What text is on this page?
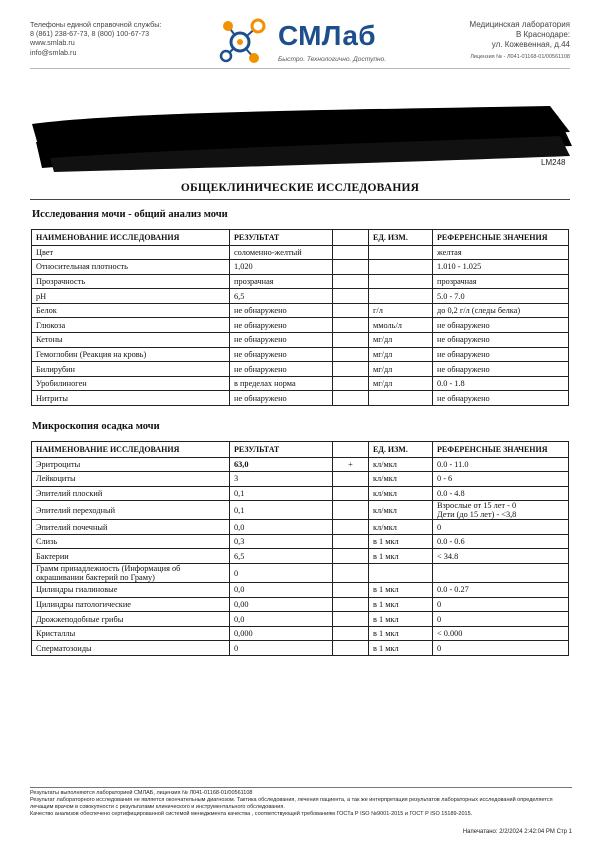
Телефоны единой справочной службы:
8 (861) 238-67-73, 8 (800) 100-67-73
www.smlab.ru
info@smlab.ru
СМЛаб
Быстро. Технологично. Доступно.
Медицинская лаборатория
В Краснодаре:
ул. Кожевенная, д.44
Лицензия № - Л041-01168-01/00561108
LM248
ОБЩЕКЛИНИЧЕСКИЕ ИССЛЕДОВАНИЯ
Исследования мочи - общий анализ мочи
НАИМЕНОВАНИЕ ИССЛЕДОВАНИЯ	РЕЗУЛЬТАТ		ЕД. ИЗМ.	РЕФЕРЕНСНЫЕ ЗНАЧЕНИЯ
Цвет	соломенно-желтый			желтая
Относительная плотность	1,020			1.010 - 1.025
Прозрачность	прозрачная			прозрачная
pH	6,5			5.0 - 7.0
Белок	не обнаружено		г/л	до 0,2 г/л (следы белка)
Глюкоза	не обнаружено		ммоль/л	не обнаружено
Кетоны	не обнаружено		мг/дл	не обнаружено
Гемоглобин (Реакция на кровь)	не обнаружено		мг/дл	не обнаружено
Билирубин	не обнаружено		мг/дл	не обнаружено
Уробилиноген	в пределах нормa		мг/дл	0.0 - 1.8
Нитриты	не обнаружено			не обнаружено
Микроскопия осадка мочи
НАИМЕНОВАНИЕ ИССЛЕДОВАНИЯ	РЕЗУЛЬТАТ		ЕД. ИЗМ.	РЕФЕРЕНСНЫЕ ЗНАЧЕНИЯ
Эритроциты	63,0	+	кл/мкл	0.0 - 11.0
Лейкоциты	3		кл/мкл	0 - 6
Эпителий плоский	0,1		кл/мкл	0.0 - 4.8
Эпителий переходный	0,1		кл/мкл	Взрослые от 15 лет - 0
Дети (до 15 лет) - <3,8
Эпителий почечный	0,0		кл/мкл	0
Слизь	0,3		в 1 мкл	0.0 - 0.6
Бактерии	6,5		в 1 мкл	< 34.8
Грамм принадлежность (Информация об окрашивании бактерий по Граму)	0			
Цилиндры гиалиновые	0,0		в 1 мкл	0.0 - 0.27
Цилиндры патологические	0,00		в 1 мкл	0
Дрожжеподобные грибы	0,0		в 1 мкл	0
Кристаллы	0,000		в 1 мкл	< 0.000
Сперматозоиды	0		в 1 мкл	0
Результаты выполняются лабораторией СМЛАБ, лицензия № Л041-01168-01/00561108
Результат лабораторного исследования не является окончательным диагнозом. Тактика обследования, лечения пациента, а так же интерпретация результатов лабораторных исследований определяется лечащим врачом в совокупности с результатами клинического и инструментального обследования.
Качество анализов обеспечено сертифицированной системой менеджмента качества , соответствующей требованиям ГОСТа Р ISO №9001-2015 и ГОСТ Р ISO 15189-2015.
Напечатано: 2/2/2024 2:42:04 PM Стр 1
